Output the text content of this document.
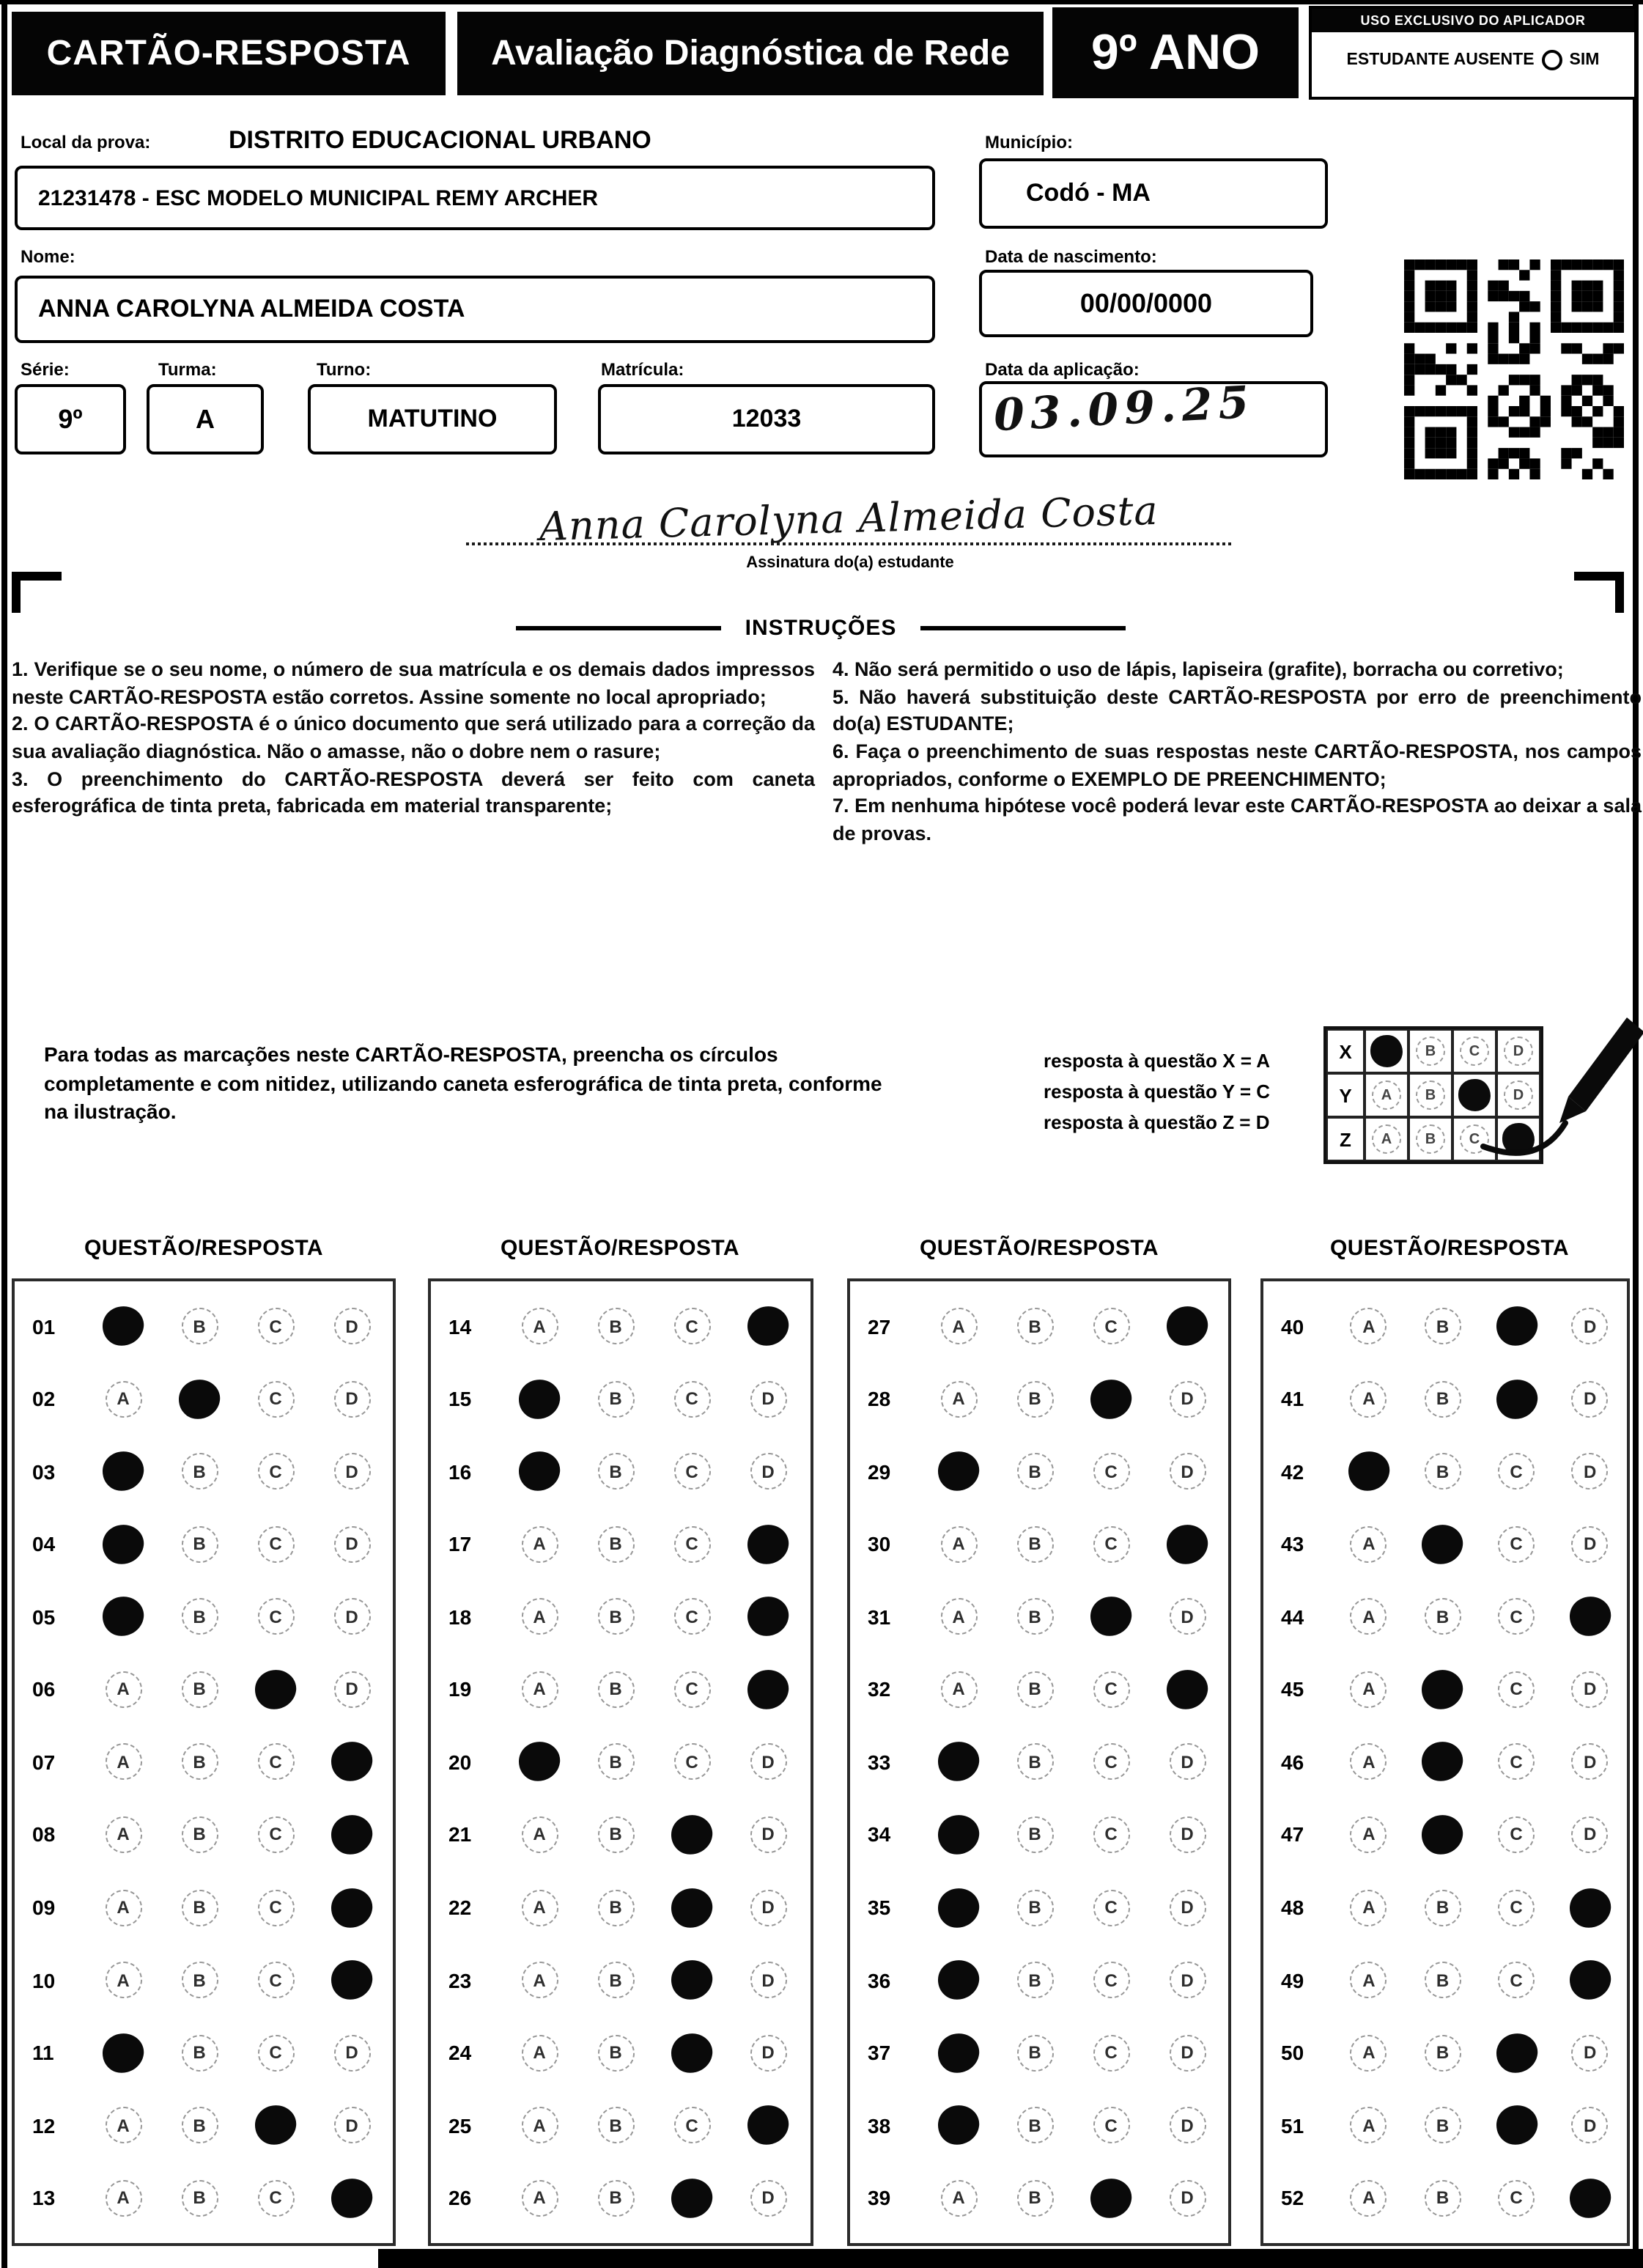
CARTÃO-RESPOSTA	Avaliação Diagnóstica de Rede	9º ANO
USO EXCLUSIVO DO APLICADOR
ESTUDANTE AUSENTE	SIM
Local da prova:	DISTRITO EDUCACIONAL URBANO	Município:
21231478 - ESC MODELO MUNICIPAL REMY ARCHER	Codó - MA
Nome:	Data de nascimento:
ANNA CAROLYNA ALMEIDA COSTA	00/00/0000
Série:	Turma:	Turno:	Matrícula:	Data da aplicação:
9º	A	MATUTINO	12033	03.09.25
Anna Carolyna Almeida Costa
Assinatura do(a) estudante
INSTRUÇÕES

1. Verifique se o seu nome, o número de sua matrícula e os demais dados impressos neste CARTÃO-RESPOSTA estão corretos. Assine somente no local apropriado;

2. O CARTÃO-RESPOSTA é o único documento que será utilizado para a correção da sua avaliação diagnóstica. Não o amasse, não o dobre nem o rasure;

3. O preenchimento do CARTÃO-RESPOSTA deverá ser feito com caneta esferográfica de tinta preta, fabricada em material transparente;

4. Não será permitido o uso de lápis, lapiseira (grafite), borracha ou corretivo;

5. Não haverá substituição deste CARTÃO-RESPOSTA por erro de preenchimento do(a) ESTUDANTE;

6. Faça o preenchimento de suas respostas neste CARTÃO-RESPOSTA, nos campos apropriados, conforme o EXEMPLO DE PREENCHIMENTO;

7. Em nenhuma hipótese você poderá levar este CARTÃO-RESPOSTA ao deixar a sala de provas.

Para todas as marcações neste CARTÃO-RESPOSTA, preencha os círculos completamente e com nitidez, utilizando caneta esferográfica de tinta preta, conforme na ilustração.
resposta à questão X = A
resposta à questão Y = C
resposta à questão Z = D
X	B	C	D
Y	A	B	D
Z	A	B	C
QUESTÃO/RESPOSTA	QUESTÃO/RESPOSTA	QUESTÃO/RESPOSTA	QUESTÃO/RESPOSTA
01	B	C	D
02	A	C	D
03	B	C	D
04	B	C	D
05	B	C	D
06	A	B	D
07	A	B	C
08	A	B	C
09	A	B	C
10	A	B	C
11	B	C	D
12	A	B	D
13	A	B	C
14	A	B	C
15	B	C	D
16	B	C	D
17	A	B	C
18	A	B	C
19	A	B	C
20	B	C	D
21	A	B	D
22	A	B	D
23	A	B	D
24	A	B	D
25	A	B	C
26	A	B	D
27	A	B	C
28	A	B	D
29	B	C	D
30	A	B	C
31	A	B	D
32	A	B	C
33	B	C	D
34	B	C	D
35	B	C	D
36	B	C	D
37	B	C	D
38	B	C	D
39	A	B	D
40	A	B	D
41	A	B	D
42	B	C	D
43	A	C	D
44	A	B	C
45	A	C	D
46	A	C	D
47	A	C	D
48	A	B	C
49	A	B	C
50	A	B	D
51	A	B	D
52	A	B	C
